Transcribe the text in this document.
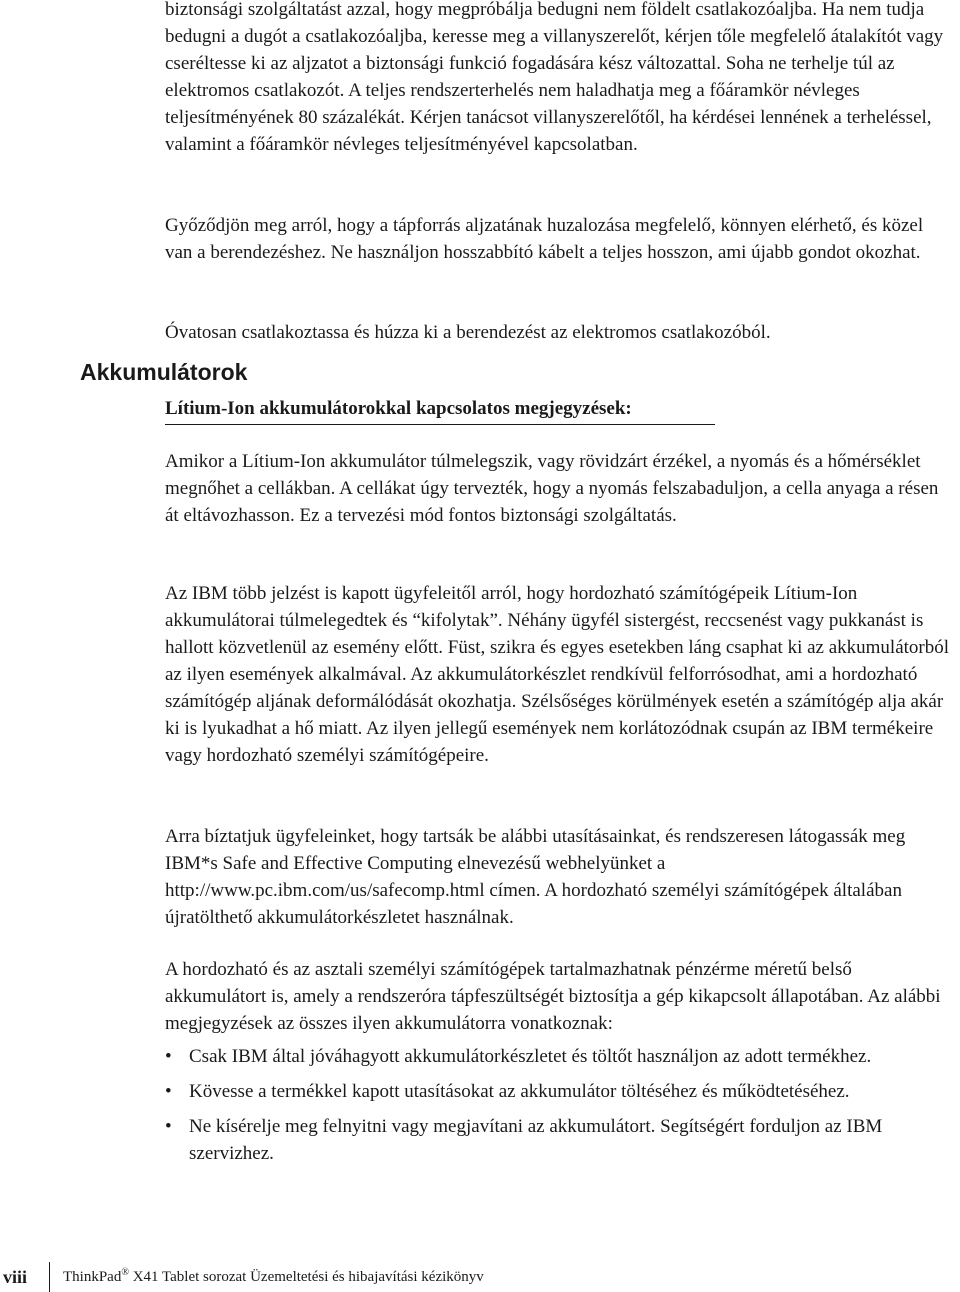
Akkumulátorok

biztonsági szolgáltatást azzal, hogy megpróbálja bedugni nem földelt csatlakozóaljba. Ha nem tudja bedugni a dugót a csatlakozóaljba, keresse meg a villanyszerelőt, kérjen tőle megfelelő átalakítót vagy cseréltesse ki az aljzatot a biztonsági funkció fogadására kész változattal. Soha ne terhelje túl az elektromos csatlakozót. A teljes rendszerterhelés nem haladhatja meg a főáramkör névleges teljesítményének 80 százalékát. Kérjen tanácsot villanyszerelőtől, ha kérdései lennének a terheléssel, valamint a főáramkör névleges teljesítményével kapcsolatban.

Győződjön meg arról, hogy a tápforrás aljzatának huzalozása megfelelő, könnyen elérhető, és közel van a berendezéshez. Ne használjon hosszabbító kábelt a teljes hosszon, ami újabb gondot okozhat.

Óvatosan csatlakoztassa és húzza ki a berendezést az elektromos csatlakozóból.

Lítium-Ion akkumulátorokkal kapcsolatos megjegyzések:

Amikor a Lítium-Ion akkumulátor túlmelegszik, vagy rövidzárt érzékel, a nyomás és a hőmérséklet megnőhet a cellákban. A cellákat úgy tervezték, hogy a nyomás felszabaduljon, a cella anyaga a résen át eltávozhasson. Ez a tervezési mód fontos biztonsági szolgáltatás.

Az IBM több jelzést is kapott ügyfeleitől arról, hogy hordozható számítógépeik Lítium-Ion akkumulátorai túlmelegedtek és “kifolytak”. Néhány ügyfél sistergést, reccsenést vagy pukkanást is hallott közvetlenül az esemény előtt. Füst, szikra és egyes esetekben láng csaphat ki az akkumulátorból az ilyen események alkalmával. Az akkumulátorkészlet rendkívül felforrósodhat, ami a hordozható számítógép aljának deformálódását okozhatja. Szélsőséges körülmények esetén a számítógép alja akár ki is lyukadhat a hő miatt. Az ilyen jellegű események nem korlátozódnak csupán az IBM termékeire vagy hordozható személyi számítógépeire.

Arra bíztatjuk ügyfeleinket, hogy tartsák be alábbi utasításainkat, és rendszeresen látogassák meg IBM*s Safe and Effective Computing elnevezésű webhelyünket a http://www.pc.ibm.com/us/safecomp.html címen. A hordozható személyi számítógépek általában újratölthető akkumulátorkészletet használnak.

A hordozható és az asztali személyi számítógépek tartalmazhatnak pénzérme méretű belső akkumulátort is, amely a rendszeróra tápfeszültségét biztosítja a gép kikapcsolt állapotában. Az alábbi megjegyzések az összes ilyen akkumulátorra vonatkoznak:

• Csak IBM által jóváhagyott akkumulátorkészletet és töltőt használjon az adott termékhez.
• Kövesse a termékkel kapott utasításokat az akkumulátor töltéséhez és működtetéséhez.
• Ne kísérelje meg felnyitni vagy megjavítani az akkumulátort. Segítségért forduljon az IBM szervizhez.
viii ThinkPad® X41 Tablet sorozat Üzemeltetési és hibajavítási kézikönyv
